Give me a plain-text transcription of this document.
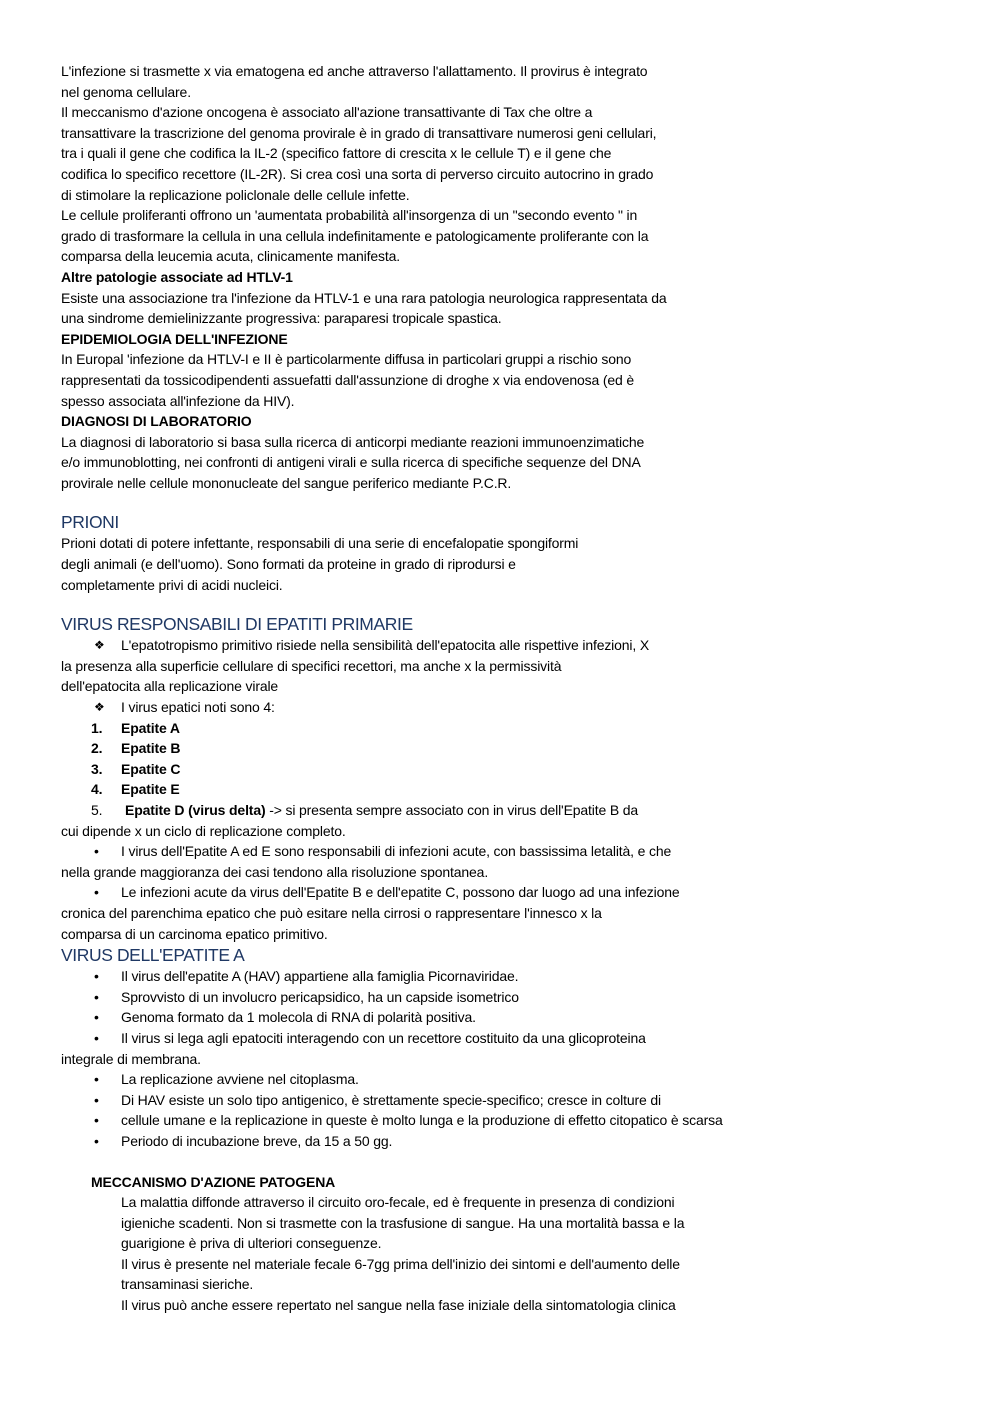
L'infezione si trasmette x via ematogena ed anche attraverso l'allattamento. Il provirus è integrato

nel genoma cellulare.

Il meccanismo d'azione oncogena è associato all'azione transattivante di Tax che oltre a

transattivare la trascrizione del genoma provirale è in grado di transattivare numerosi geni cellulari,

tra i quali il gene che codifica la IL-2 (specifico fattore di crescita x le cellule T) e il gene che

codifica lo specifico recettore (IL-2R). Si crea così una sorta di perverso circuito autocrino in grado

di stimolare la replicazione policlonale delle cellule infette.

Le cellule proliferanti offrono un 'aumentata probabilità all'insorgenza di un "secondo evento " in

grado di trasformare la cellula in una cellula indefinitamente e patologicamente proliferante con la

comparsa della leucemia acuta, clinicamente manifesta.

Altre patologie associate ad HTLV-1

Esiste una associazione tra l'infezione da HTLV-1 e una rara patologia neurologica rappresentata da

una sindrome demielinizzante progressiva: paraparesi tropicale spastica.

EPIDEMIOLOGIA DELL'INFEZIONE

In Europal 'infezione da HTLV-I e II è particolarmente diffusa in particolari gruppi a rischio sono

rappresentati da tossicodipendenti assuefatti dall'assunzione di droghe x via endovenosa (ed è

spesso associata all'infezione da HIV).

DIAGNOSI DI LABORATORIO

La diagnosi di laboratorio si basa sulla ricerca di anticorpi mediante reazioni immunoenzimatiche

e/o immunoblotting, nei confronti di antigeni virali e sulla ricerca di specifiche sequenze del DNA

provirale nelle cellule mononucleate del sangue periferico mediante P.C.R.

PRIONI

Prioni dotati di potere infettante, responsabili di una serie di encefalopatie spongiformi

degli animali (e dell'uomo). Sono formati da proteine in grado di riprodursi e

completamente privi di acidi nucleici.

VIRUS RESPONSABILI DI EPATITI PRIMARIE

❖	L'epatotropismo primitivo risiede nella sensibilità dell'epatocita alle rispettive infezioni, X

la presenza alla superficie cellulare di specifici recettori, ma anche x la permissività

dell'epatocita alla replicazione virale

❖	I virus epatici noti sono 4:

1.	Epatite A

2.	Epatite B

3.	Epatite C

4.	Epatite E

5.	Epatite D (virus delta) -> si presenta sempre associato con in virus dell'Epatite B da

cui dipende x un ciclo di replicazione completo.

•	I virus dell'Epatite A ed E sono responsabili di infezioni acute, con bassissima letalità, e che

nella grande maggioranza dei casi tendono alla risoluzione spontanea.

•	Le infezioni acute da virus dell'Epatite B e dell'epatite C, possono dar luogo ad una infezione

cronica del parenchima epatico che può esitare nella cirrosi o rappresentare l'innesco x la

comparsa di un carcinoma epatico primitivo.

VIRUS DELL'EPATITE A

•	Il virus dell'epatite A (HAV) appartiene alla famiglia Picornaviridae.

•	Sprovvisto di un involucro pericapsidico, ha un capside isometrico

•	Genoma formato da 1 molecola di RNA di polarità positiva.

•	Il virus si lega agli epatociti interagendo con un recettore costituito da una glicoproteina

integrale di membrana.

•	La replicazione avviene nel citoplasma.

•	Di HAV esiste un solo tipo antigenico, è strettamente specie-specifico; cresce in colture di

•	cellule umane e la replicazione in queste è molto lunga e la produzione di effetto citopatico è scarsa

•	Periodo di incubazione breve, da 15 a 50 gg.

MECCANISMO D'AZIONE PATOGENA

La malattia diffonde attraverso il circuito oro-fecale, ed è frequente in presenza di condizioni

igieniche scadenti. Non si trasmette con la trasfusione di sangue. Ha una mortalità bassa e la

guarigione è priva di ulteriori conseguenze.

Il virus è presente nel materiale fecale 6-7gg prima dell'inizio dei sintomi e dell'aumento delle

transaminasi sieriche.

Il virus può anche essere repertato nel sangue nella fase iniziale della sintomatologia clinica
